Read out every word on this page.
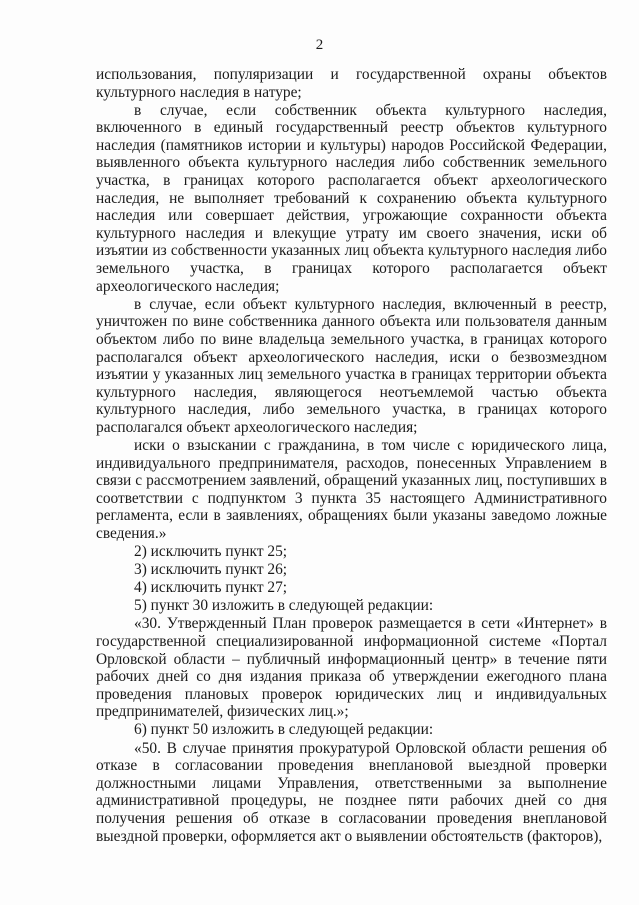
2

использования, популяризации и государственной охраны объектов культурного наследия в натуре;

в случае, если собственник объекта культурного наследия, включенного в единый государственный реестр объектов культурного наследия (памятников истории и культуры) народов Российской Федерации, выявленного объекта культурного наследия либо собственник земельного участка, в границах которого располагается объект археологического наследия, не выполняет требований к сохранению объекта культурного наследия или совершает действия, угрожающие сохранности объекта культурного наследия и влекущие утрату им своего значения, иски об изъятии из собственности указанных лиц объекта культурного наследия либо земельного участка, в границах которого располагается объект археологического наследия;

в случае, если объект культурного наследия, включенный в реестр, уничтожен по вине собственника данного объекта или пользователя данным объектом либо по вине владельца земельного участка, в границах которого располагался объект археологического наследия, иски о безвозмездном изъятии у указанных лиц земельного участка в границах территории объекта культурного наследия, являющегося неотъемлемой частью объекта культурного наследия, либо земельного участка, в границах которого располагался объект археологического наследия;

иски о взыскании с гражданина, в том числе с юридического лица, индивидуального предпринимателя, расходов, понесенных Управлением в связи с рассмотрением заявлений, обращений указанных лиц, поступивших в соответствии с подпунктом 3 пункта 35 настоящего Административного регламента, если в заявлениях, обращениях были указаны заведомо ложные сведения.»

2) исключить пункт 25;

3) исключить пункт 26;

4) исключить пункт 27;

5) пункт 30 изложить в следующей редакции:

«30. Утвержденный План проверок размещается в сети «Интернет» в государственной специализированной информационной системе «Портал Орловской области – публичный информационный центр» в течение пяти рабочих дней со дня издания приказа об утверждении ежегодного плана проведения плановых проверок юридических лиц и индивидуальных предпринимателей, физических лиц.»;

6) пункт 50 изложить в следующей редакции:

«50. В случае принятия прокуратурой Орловской области решения об отказе в согласовании проведения внеплановой выездной проверки должностными лицами Управления, ответственными за выполнение административной процедуры, не позднее пяти рабочих дней со дня получения решения об отказе в согласовании проведения внеплановой выездной проверки, оформляется акт о выявлении обстоятельств (факторов),
